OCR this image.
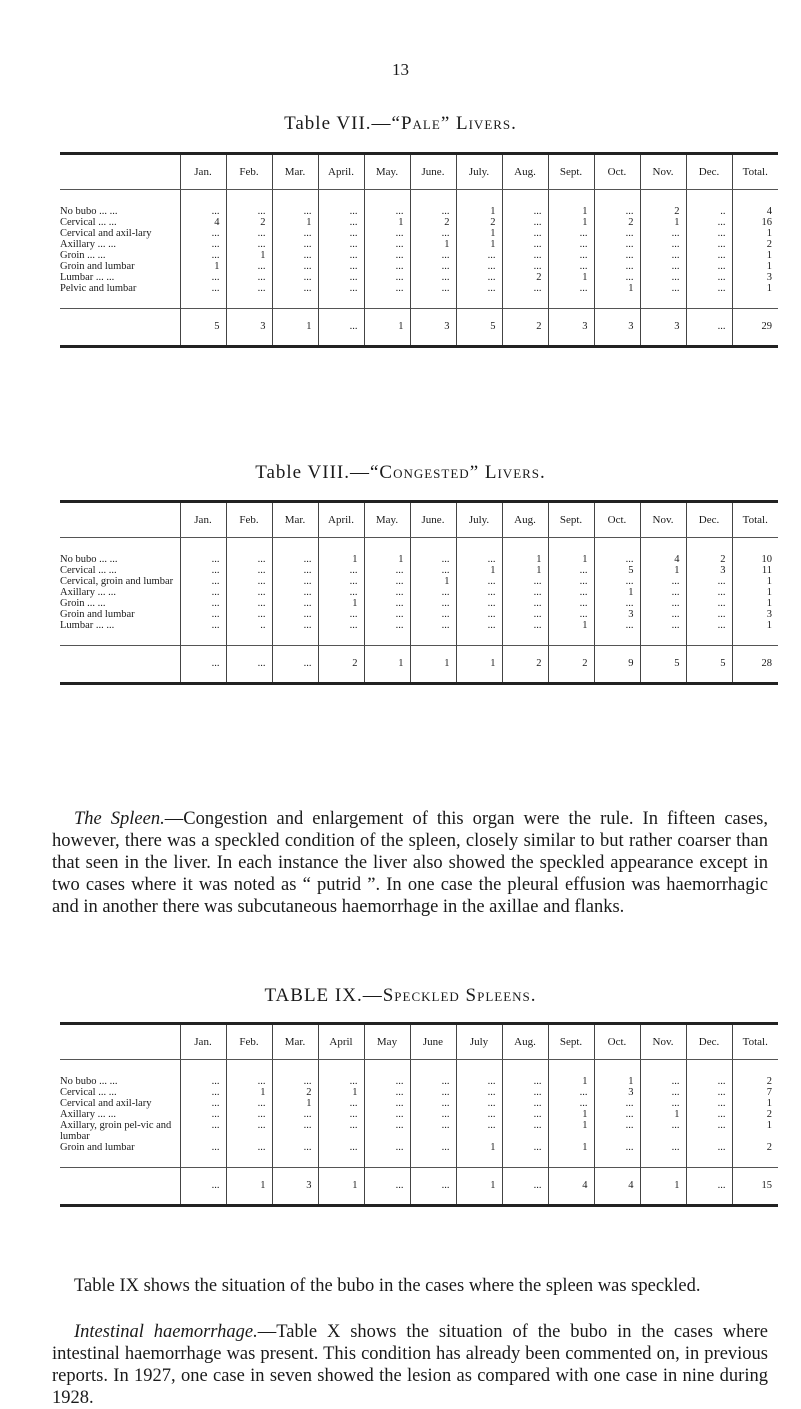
13
Table VII.—“Pale” Livers.
	Jan.	Feb.	Mar.	April.	May.	June.	July.	Aug.	Sept.	Oct.	Nov.	Dec.	Total.
No bubo ... ...	...	...	...	...	...	...	1	...	1	...	2	..	4
Cervical ... ...	4	2	1	...	1	2	2	...	1	2	1	...	16
Cervical and axil-lary	...	...	...	...	...	...	1	...	...	...	...	...	1
Axillary ... ...	...	...	...	...	...	1	1	...	...	...	...	...	2
Groin ... ...	...	1	...	...	...	...	...	...	...	...	...	...	1
Groin and lumbar	1	...	...	...	...	...	...	...	...	...	...	...	1
Lumbar ... ...	...	...	...	...	...	...	...	2	1	...	...	...	3
Pelvic and lumbar	...	...	...	...	...	...	...	...	...	1	...	...	1
	5	3	1	...	1	3	5	2	3	3	3	...	29
Table VIII.—“Congested” Livers.
	Jan.	Feb.	Mar.	April.	May.	June.	July.	Aug.	Sept.	Oct.	Nov.	Dec.	Total.
No bubo ... ...	...	...	...	1	1	...	...	1	1	...	4	2	10
Cervical ... ...	...	...	...	...	...	...	1	1	...	5	1	3	11
Cervical, groin and lumbar	...	...	...	...	...	1	...	...	...	...	...	...	1
Axillary ... ...	...	...	...	...	...	...	...	...	...	1	...	...	1
Groin ... ...	...	...	...	1	...	...	...	...	...	...	...	...	1
Groin and lumbar	...	...	...	...	...	...	...	...	...	3	...	...	3
Lumbar ... ...	...	..	...	...	...	...	...	...	1	...	...	...	1
	...	...	...	2	1	1	1	2	2	9	5	5	28

The Spleen.—Congestion and enlargement of this organ were the rule. In fifteen cases, however, there was a speckled condition of the spleen, closely similar to but rather coarser than that seen in the liver. In each instance the liver also showed the speckled appearance except in two cases where it was noted as “ putrid ”. In one case the pleural effusion was haemorrhagic and in another there was subcutaneous haemorrhage in the axillae and flanks.

TABLE IX.—Speckled Spleens.
	Jan.	Feb.	Mar.	April	May	June	July	Aug.	Sept.	Oct.	Nov.	Dec.	Total.
No bubo ... ...	...	...	...	...	...	...	...	...	1	1	...	...	2
Cervical ... ...	...	1	2	1	...	...	...	...	...	3	...	...	7
Cervical and axil-lary	...	...	1	...	...	...	...	...	...	...	...	...	1
Axillary ... ...	...	...	...	...	...	...	...	...	1	...	1	...	2
Axillary, groin pel-vic and lumbar	...	...	...	...	...	...	...	...	1	...	...	...	1
Groin and lumbar	...	...	...	...	...	...	1	...	1	...	...	...	2
	...	1	3	1	...	...	1	...	4	4	1	...	15

Table IX shows the situation of the bubo in the cases where the spleen was speckled.

Intestinal haemorrhage.—Table X shows the situation of the bubo in the cases where intestinal haemorrhage was present. This condition has already been commented on, in previous reports. In 1927, one case in seven showed the lesion as compared with one case in nine during 1928.
